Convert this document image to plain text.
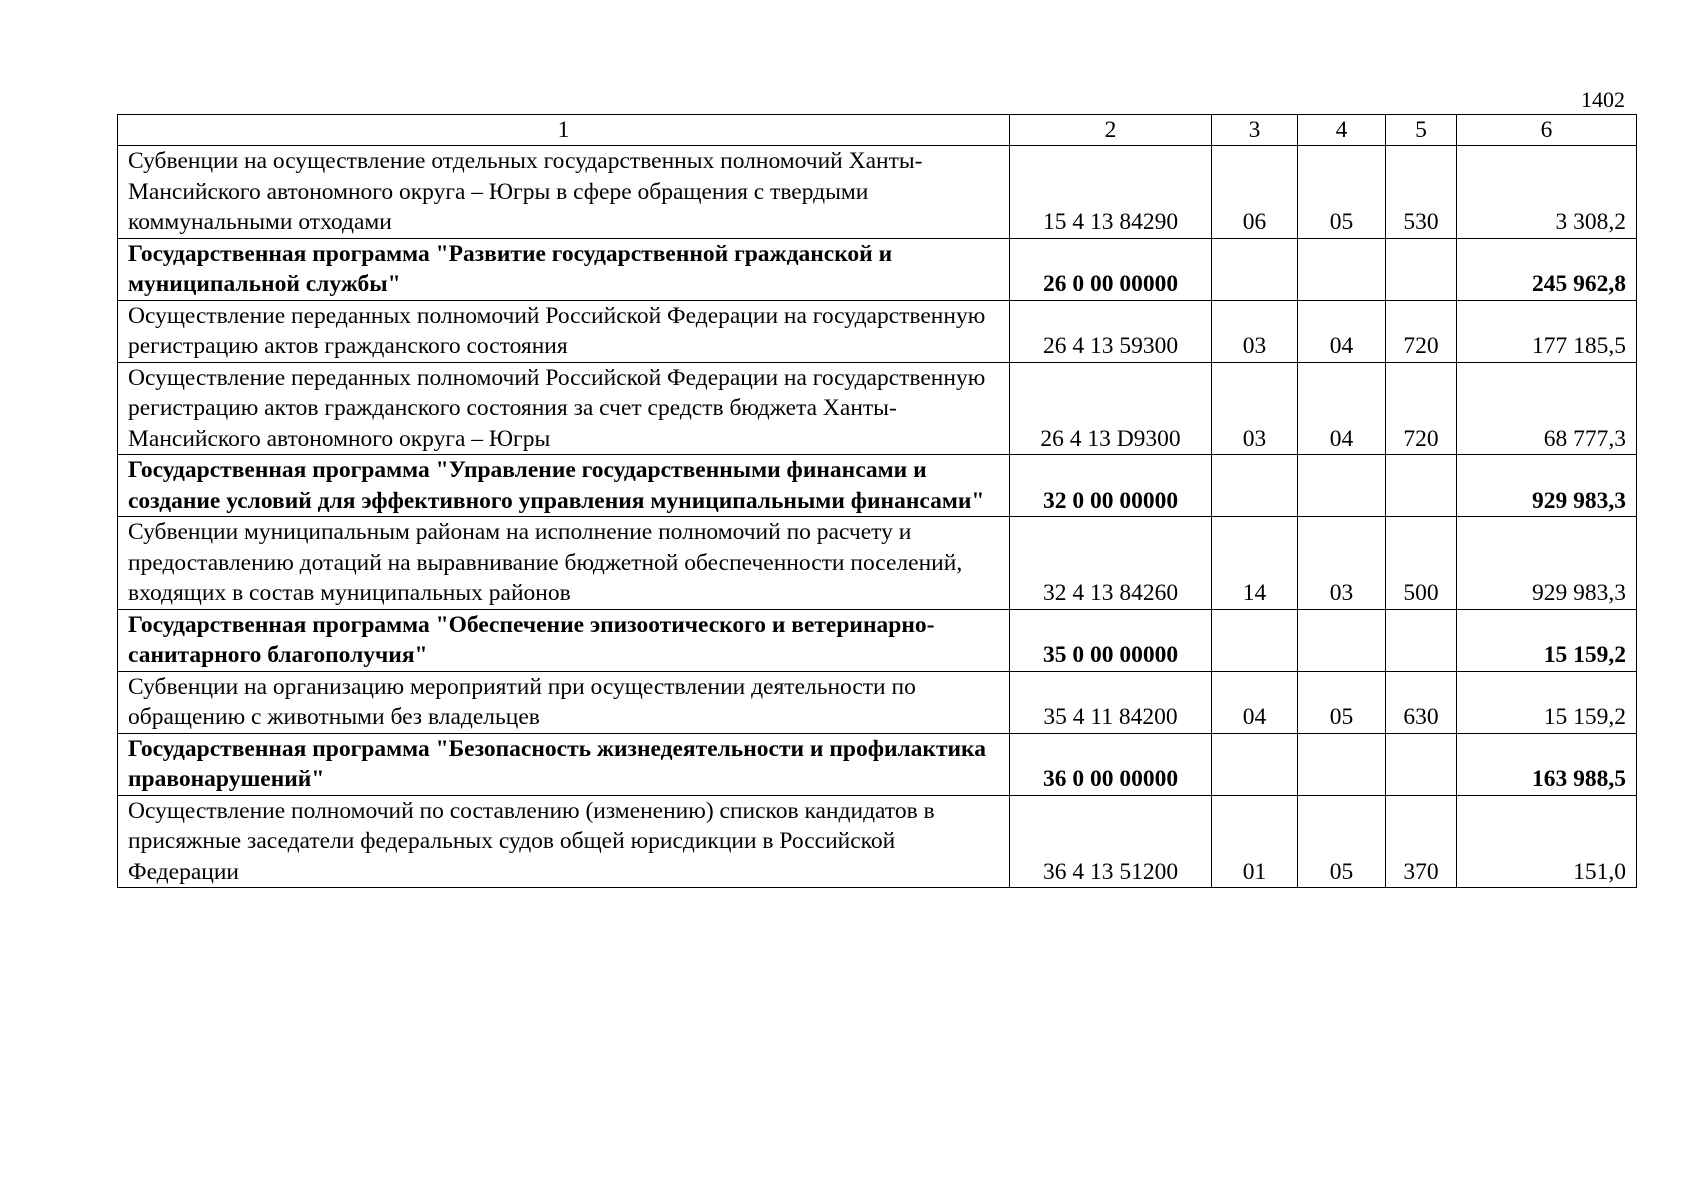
1402
1	2	3	4	5	6
Субвенции на осуществление отдельных государственных полномочий Ханты-Мансийского автономного округа – Югры в сфере обращения с твердыми коммунальными отходами	15 4 13 84290	06	05	530	3 308,2
Государственная программа "Развитие государственной гражданской и муниципальной службы"	26 0 00 00000				245 962,8
Осуществление переданных полномочий Российской Федерации на государственную регистрацию актов гражданского состояния	26 4 13 59300	03	04	720	177 185,5
Осуществление переданных полномочий Российской Федерации на государственную регистрацию актов гражданского состояния за счет средств бюджета Ханты-Мансийского автономного округа – Югры	26 4 13 D9300	03	04	720	68 777,3
Государственная программа "Управление государственными финансами и создание условий для эффективного управления муниципальными финансами"	32 0 00 00000				929 983,3
Субвенции муниципальным районам на исполнение полномочий по расчету и предоставлению дотаций на выравнивание бюджетной обеспеченности поселений, входящих в состав муниципальных районов	32 4 13 84260	14	03	500	929 983,3
Государственная программа "Обеспечение эпизоотического и ветеринарно-санитарного благополучия"	35 0 00 00000				15 159,2
Субвенции на организацию мероприятий при осуществлении деятельности по обращению с животными без владельцев	35 4 11 84200	04	05	630	15 159,2
Государственная программа "Безопасность жизнедеятельности и профилактика правонарушений"	36 0 00 00000				163 988,5
Осуществление полномочий по составлению (изменению) списков кандидатов в присяжные заседатели федеральных судов общей юрисдикции в Российской Федерации	36 4 13 51200	01	05	370	151,0
